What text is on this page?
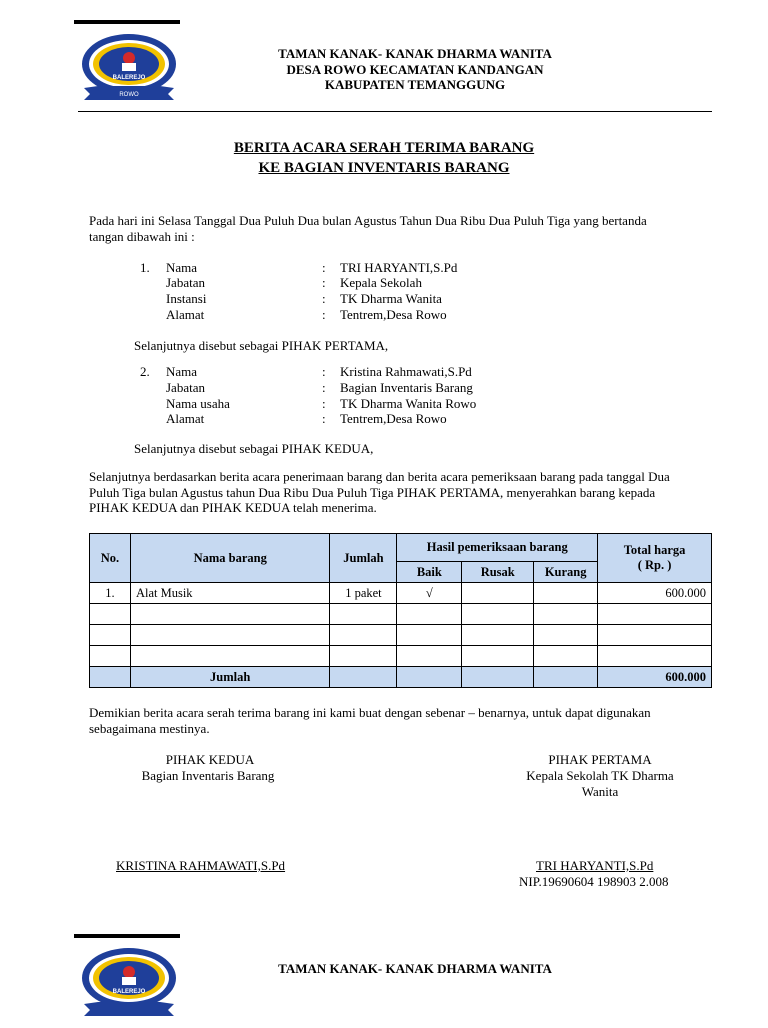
BALEREJO
ROWO
TAMAN KANAK- KANAK DHARMA WANITA
DESA ROWO KECAMATAN KANDANGAN
KABUPATEN TEMANGGUNG
BERITA ACARA SERAH TERIMA BARANG
KE BAGIAN INVENTARIS BARANG
Pada hari ini Selasa Tanggal Dua Puluh Dua bulan Agustus Tahun Dua Ribu Dua Puluh Tiga yang bertanda
tangan dibawah ini :
1. Nama	: TRI HARYANTI,S.Pd
Jabatan	: Kepala Sekolah
Instansi	: TK Dharma Wanita
Alamat	: Tentrem,Desa Rowo
Selanjutnya disebut sebagai PIHAK PERTAMA,
2. Nama	: Kristina Rahmawati,S.Pd
Jabatan	: Bagian Inventaris Barang
Nama usaha	: TK Dharma Wanita Rowo
Alamat	: Tentrem,Desa Rowo
Selanjutnya disebut sebagai PIHAK KEDUA,
Selanjutnya berdasarkan berita acara penerimaan barang dan berita acara pemeriksaan barang pada tanggal Dua
Puluh Tiga bulan Agustus tahun Dua Ribu Dua Puluh Tiga PIHAK PERTAMA, menyerahkan barang kepada
PIHAK KEDUA dan PIHAK KEDUA telah menerima.
No.	Nama barang	Jumlah	Hasil pemeriksaan barang			Total harga
( Rp. )

			Baik	Rusak	Kurang	
1.	Alat Musik	1 paket	√			600.000

	Jumlah					600.000
Demikian berita acara serah terima barang ini kami buat dengan sebenar – benarnya, untuk dapat digunakan
sebagaimana mestinya.
PIHAK KEDUA
Bagian Inventaris Barang
KRISTINA RAHMAWATI,S.Pd
PIHAK PERTAMA
Kepala Sekolah TK Dharma
Wanita
TRI HARYANTI,S.Pd
NIP.19690604 198903 2.008
BALEREJO
TAMAN KANAK- KANAK DHARMA WANITA
